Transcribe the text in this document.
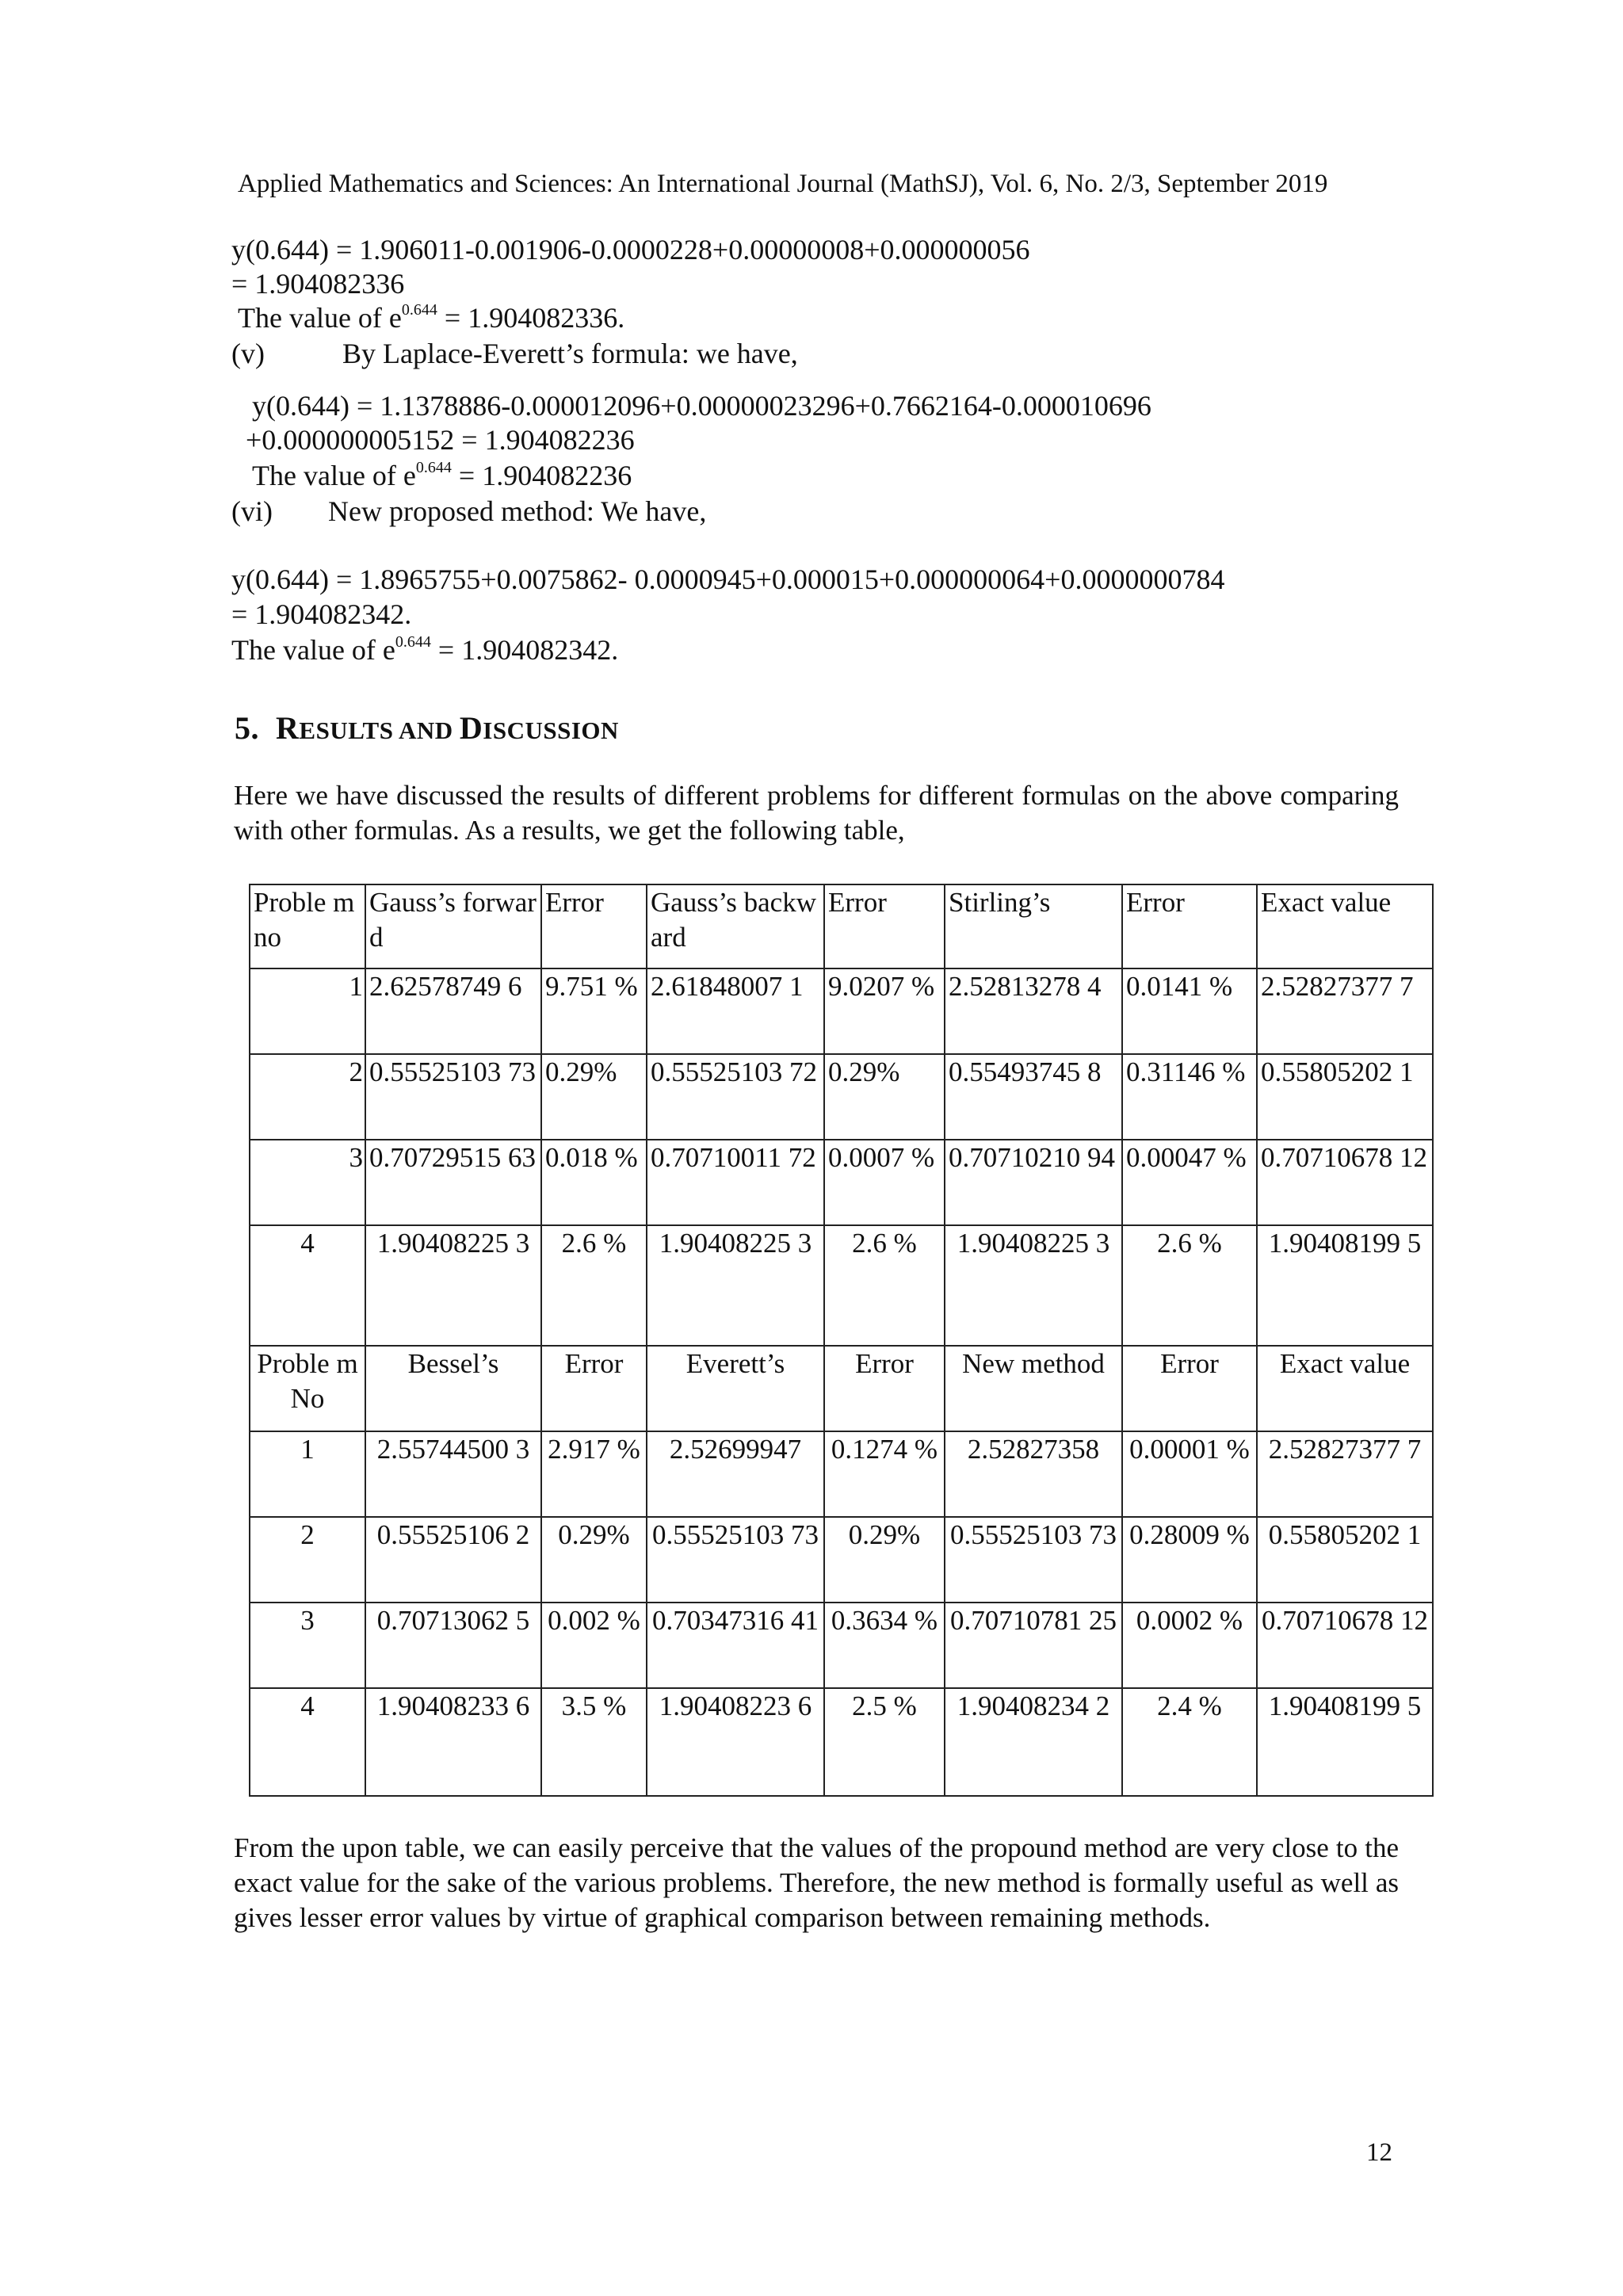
Applied Mathematics and Sciences: An International Journal (MathSJ), Vol. 6, No. 2/3, September 2019
y(0.644) = 1.906011-0.001906-0.0000228+0.00000008+0.000000056
= 1.904082336
The value of $e^{0.644} = 1.904082336$.
(v)	By Laplace-Everett’s formula: we have,
y(0.644) = 1.1378886-0.000012096+0.00000023296+0.7662164-0.000010696
+0.000000005152 = 1.904082236
The value of $e^{0.644} = 1.904082236$
(vi) New proposed method: We have,
y(0.644) = 1.8965755+0.0075862- 0.0000945+0.000015+0.000000064+0.0000000784
= 1.904082342.
The value of $e^{0.644} = 1.904082342$.
5. RESULTS AND DISCUSSION
Here we have discussed the results of different problems for different formulas on the above comparing with other formulas. As a results, we get the following table,
Proble m no	Gauss’s forward	Error	Gauss’s backward	Error	Stirling’s	Error	Exact value
1	2.62578749 6	9.751 %	2.61848007 1	9.0207 %	2.52813278 4	0.0141 %	2.52827377 7
2	0.55525103 73	0.29%	0.55525103 72	0.29%	0.55493745 8	0.31146 %	0.55805202 1
3	0.70729515 63	0.018 %	0.70710011 72	0.0007 %	0.70710210 94	0.00047 %	0.70710678 12
4	1.90408225 3	2.6 %	1.90408225 3	2.6 %	1.90408225 3	2.6 %	1.90408199 5
Proble m No	Bessel’s	Error	Everett’s	Error	New method	Error	Exact value
1	2.55744500 3	2.917 %	2.52699947	0.1274 %	2.52827358	0.00001 %	2.52827377 7
2	0.55525106 2	0.29%	0.55525103 73	0.29%	0.55525103 73	0.28009 %	0.55805202 1
3	0.70713062 5	0.002 %	0.70347316 41	0.3634 %	0.70710781 25	0.0002 %	0.70710678 12
4	1.90408233 6	3.5 %	1.90408223 6	2.5 %	1.90408234 2	2.4 %	1.90408199 5
From the upon table, we can easily perceive that the values of the propound method are very close to the exact value for the sake of the various problems. Therefore, the new method is formally useful as well as gives lesser error values by virtue of graphical comparison between remaining methods.
12
